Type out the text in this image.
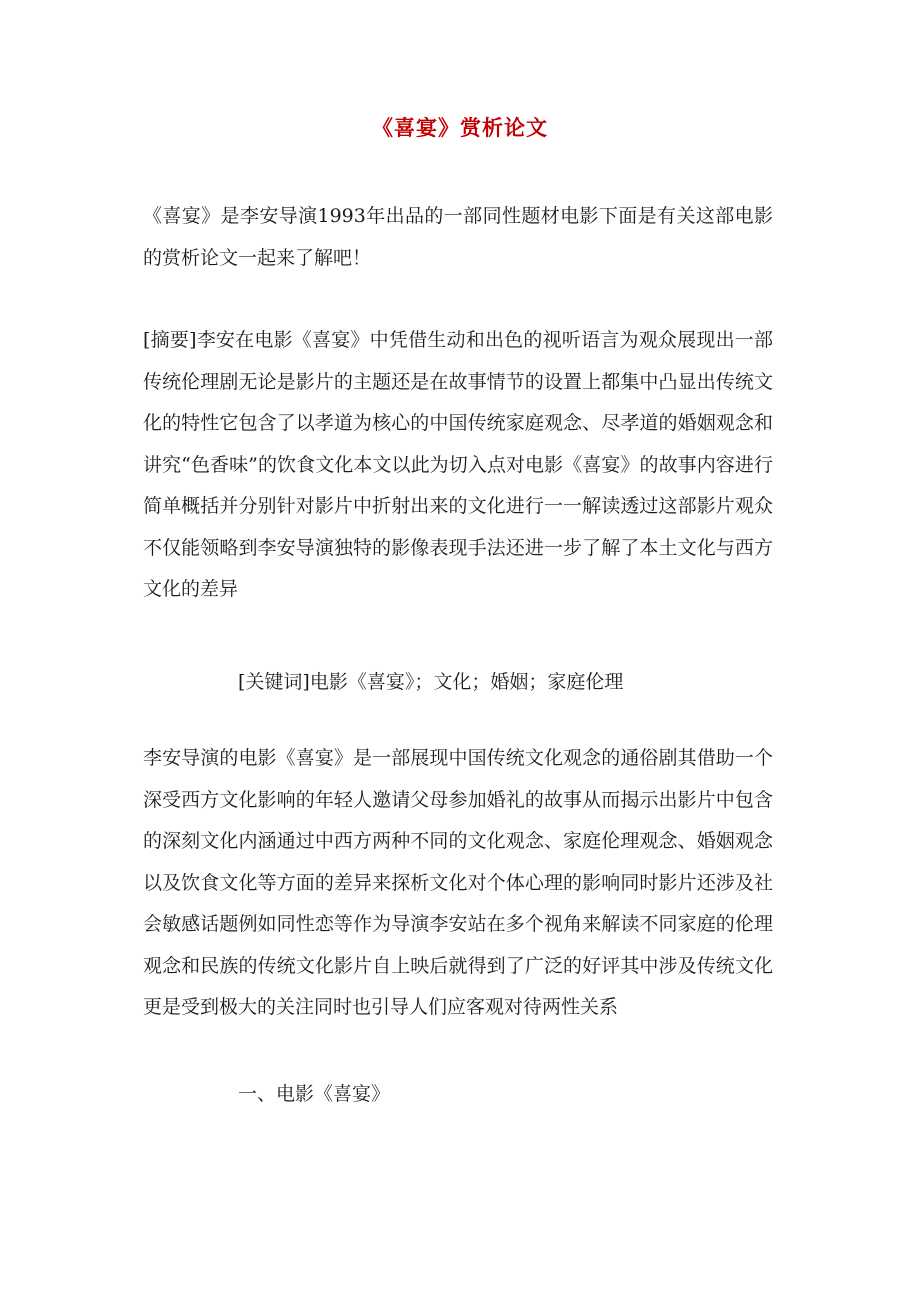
《喜宴》赏析论文

《喜宴》是李安导演1993年出品的一部同性题材电影下面是有关这部电影的赏析论文一起来了解吧！

[摘要]李安在电影《喜宴》中凭借生动和出色的视听语言为观众展现出一部传统伦理剧无论是影片的主题还是在故事情节的设置上都集中凸显出传统文化的特性它包含了以孝道为核心的中国传统家庭观念、尽孝道的婚姻观念和讲究“色香味”的饮食文化本文以此为切入点对电影《喜宴》的故事内容进行简单概括并分别针对影片中折射出来的文化进行一一解读透过这部影片观众不仅能领略到李安导演独特的影像表现手法还进一步了解了本土文化与西方文化的差异

[关键词]电影《喜宴》；文化；婚姻；家庭伦理

李安导演的电影《喜宴》是一部展现中国传统文化观念的通俗剧其借助一个深受西方文化影响的年轻人邀请父母参加婚礼的故事从而揭示出影片中包含的深刻文化内涵通过中西方两种不同的文化观念、家庭伦理观念、婚姻观念以及饮食文化等方面的差异来探析文化对个体心理的影响同时影片还涉及社会敏感话题例如同性恋等作为导演李安站在多个视角来解读不同家庭的伦理观念和民族的传统文化影片自上映后就得到了广泛的好评其中涉及传统文化更是受到极大的关注同时也引导人们应客观对待两性关系

一、电影《喜宴》
